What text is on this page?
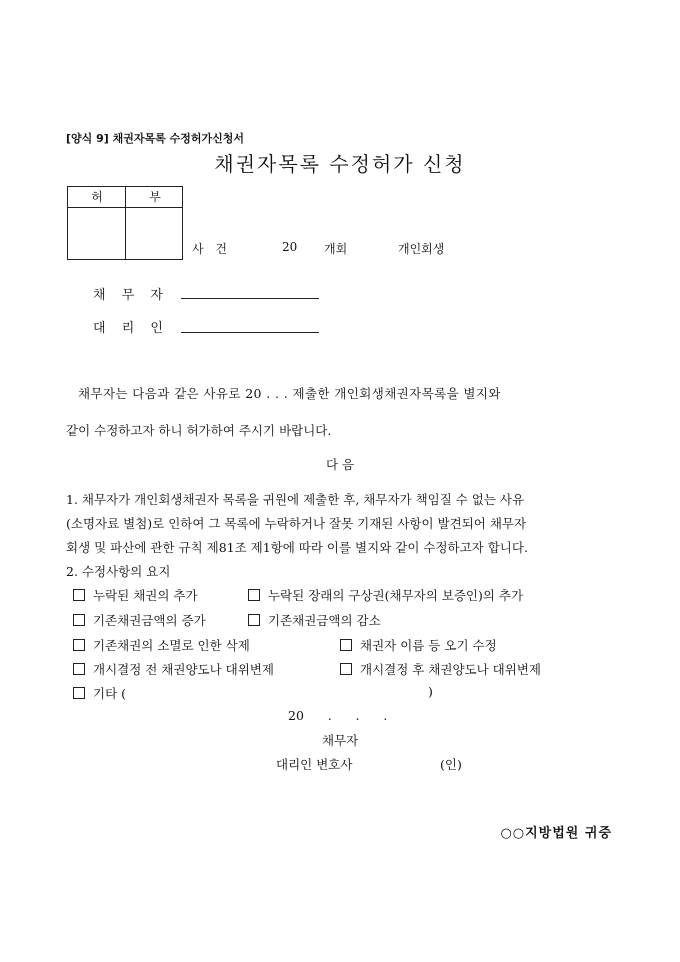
[양식 9] 채권자목록 수정허가신청서
채권자목록 수정허가 신청
허	부
사 건	20 개회	개인회생
채 무 자
대 리 인
채무자는 다음과 같은 사유로 20 . . . 제출한 개인회생채권자목록을 별지와
같이 수정하고자 하니 허가하여 주시기 바랍니다.
다 음
1. 채무자가 개인회생채권자 목록을 귀원에 제출한 후, 채무자가 책임질 수 없는 사유
(소명자료 별첨)로 인하여 그 목록에 누락하거나 잘못 기재된 사항이 발견되어 채무자
회생 및 파산에 관한 규칙 제81조 제1항에 따라 이를 별지와 같이 수정하고자 합니다.
2. 수정사항의 요지
누락된 채권의 추가	누락된 장래의 구상권(채무자의 보증인)의 추가
기존채권금액의 증가	기존채권금액의 감소
기존채권의 소멸로 인한 삭제	채권자 이름 등 오기 수정
개시결정 전 채권양도나 대위변제	개시결정 후 채권양도나 대위변제
기타 (	)
20      .      .      .
채무자
대리인 변호사	(인)
○○지방법원 귀중
